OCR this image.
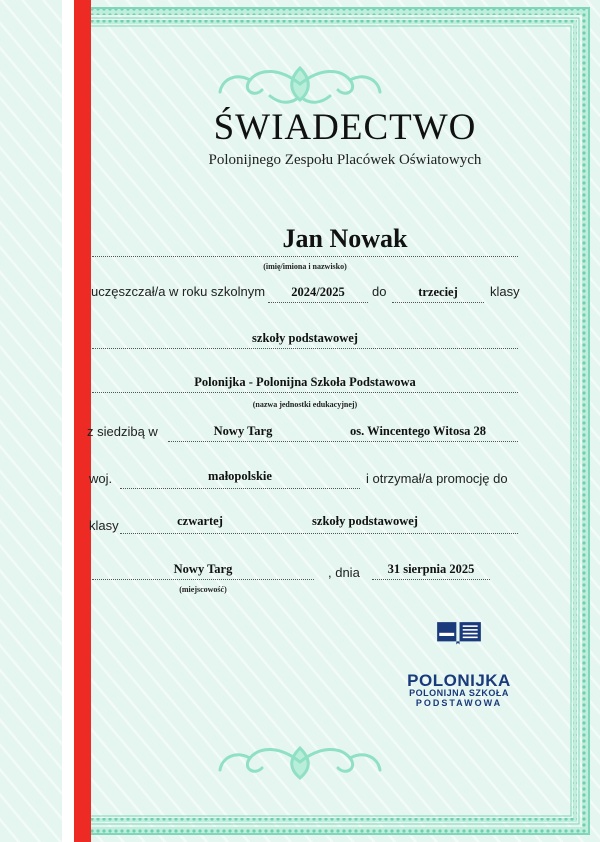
ŚWIADECTWO
Polonijnego Zespołu Placówek Oświatowych
Jan Nowak
(imię/imiona i nazwisko)
uczęszczał/a w roku szkolnym	2024/2025	do	trzeciej	klasy
szkoły podstawowej
Polonijka - Polonijna Szkoła Podstawowa
(nazwa jednostki edukacyjnej)
z siedzibą w	Nowy Targ	os. Wincentego Witosa 28
woj.	małopolskie	i otrzymał/a promocję do
klasy	czwartej	szkoły podstawowej
Nowy Targ
(miejscowość)
, dnia	31 sierpnia 2025
POLONIJKA
POLONIJNA SZKOŁA
PODSTAWOWA
